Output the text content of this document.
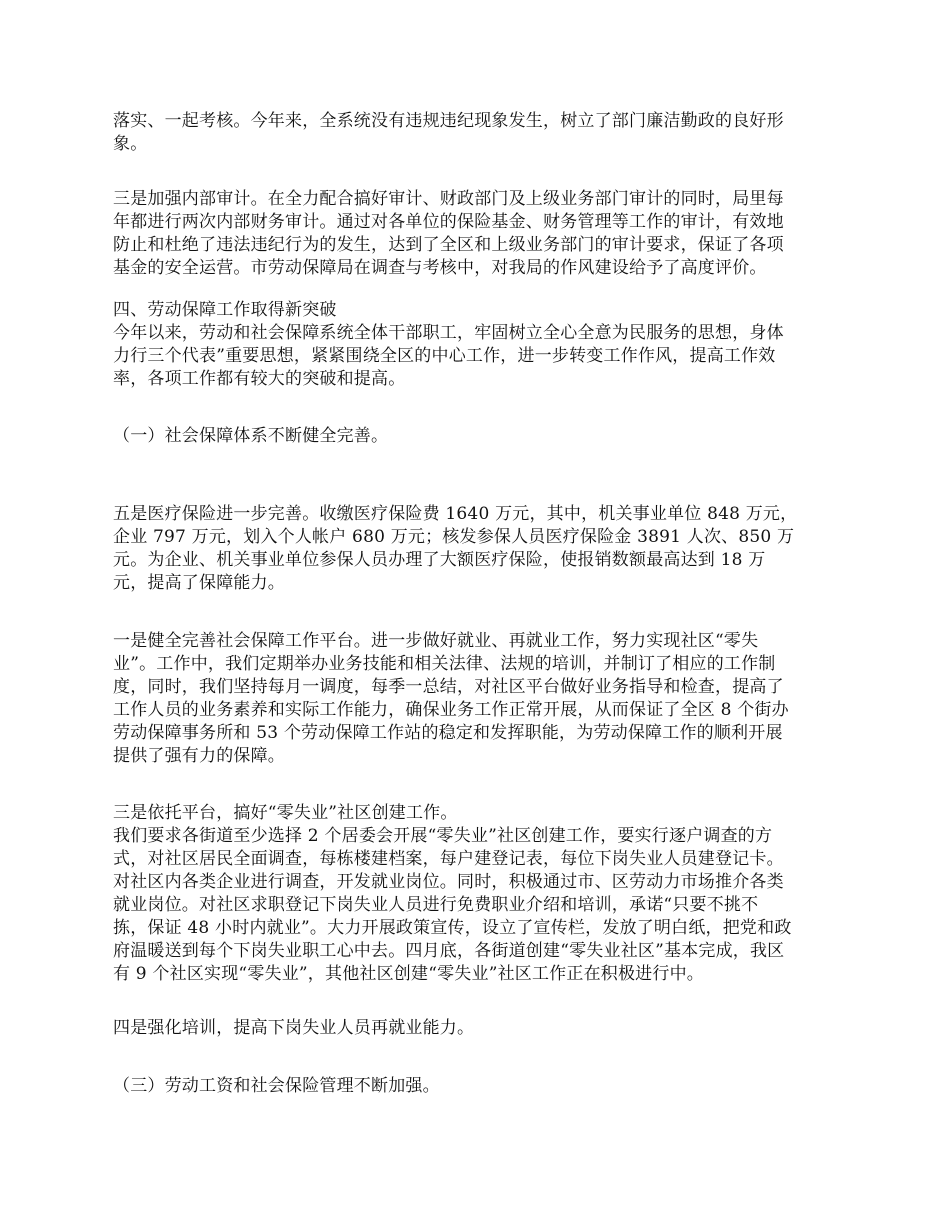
落实、一起考核。今年来，全系统没有违规违纪现象发生，树立了部门廉洁勤政的良好形
象。
三是加强内部审计。在全力配合搞好审计、财政部门及上级业务部门审计的同时，局里每
年都进行两次内部财务审计。通过对各单位的保险基金、财务管理等工作的审计，有效地
防止和杜绝了违法违纪行为的发生，达到了全区和上级业务部门的审计要求，保证了各项
基金的安全运营。市劳动保障局在调查与考核中，对我局的作风建设给予了高度评价。
四、劳动保障工作取得新突破
今年以来，劳动和社会保障系统全体干部职工，牢固树立全心全意为民服务的思想，身体
力行三个代表”重要思想，紧紧围绕全区的中心工作，进一步转变工作作风，提高工作效
率，各项工作都有较大的突破和提高。
（一）社会保障体系不断健全完善。
五是医疗保险进一步完善。收缴医疗保险费 1640 万元，其中，机关事业单位 848 万元，
企业 797 万元，划入个人帐户 680 万元；核发参保人员医疗保险金 3891 人次、850 万
元。为企业、机关事业单位参保人员办理了大额医疗保险，使报销数额最高达到 18 万
元，提高了保障能力。
一是健全完善社会保障工作平台。进一步做好就业、再就业工作，努力实现社区“零失
业”。工作中，我们定期举办业务技能和相关法律、法规的培训，并制订了相应的工作制
度，同时，我们坚持每月一调度，每季一总结，对社区平台做好业务指导和检查，提高了
工作人员的业务素养和实际工作能力，确保业务工作正常开展，从而保证了全区 8 个街办
劳动保障事务所和 53 个劳动保障工作站的稳定和发挥职能，为劳动保障工作的顺利开展
提供了强有力的保障。
三是依托平台，搞好“零失业”社区创建工作。
我们要求各街道至少选择 2 个居委会开展“零失业”社区创建工作，要实行逐户调查的方
式，对社区居民全面调查，每栋楼建档案，每户建登记表，每位下岗失业人员建登记卡。
对社区内各类企业进行调查，开发就业岗位。同时，积极通过市、区劳动力市场推介各类
就业岗位。对社区求职登记下岗失业人员进行免费职业介绍和培训，承诺“只要不挑不
拣，保证 48 小时内就业”。大力开展政策宣传，设立了宣传栏，发放了明白纸，把党和政
府温暖送到每个下岗失业职工心中去。四月底，各街道创建“零失业社区”基本完成，我区
有 9 个社区实现“零失业”，其他社区创建“零失业”社区工作正在积极进行中。
四是强化培训，提高下岗失业人员再就业能力。
（三）劳动工资和社会保险管理不断加强。
